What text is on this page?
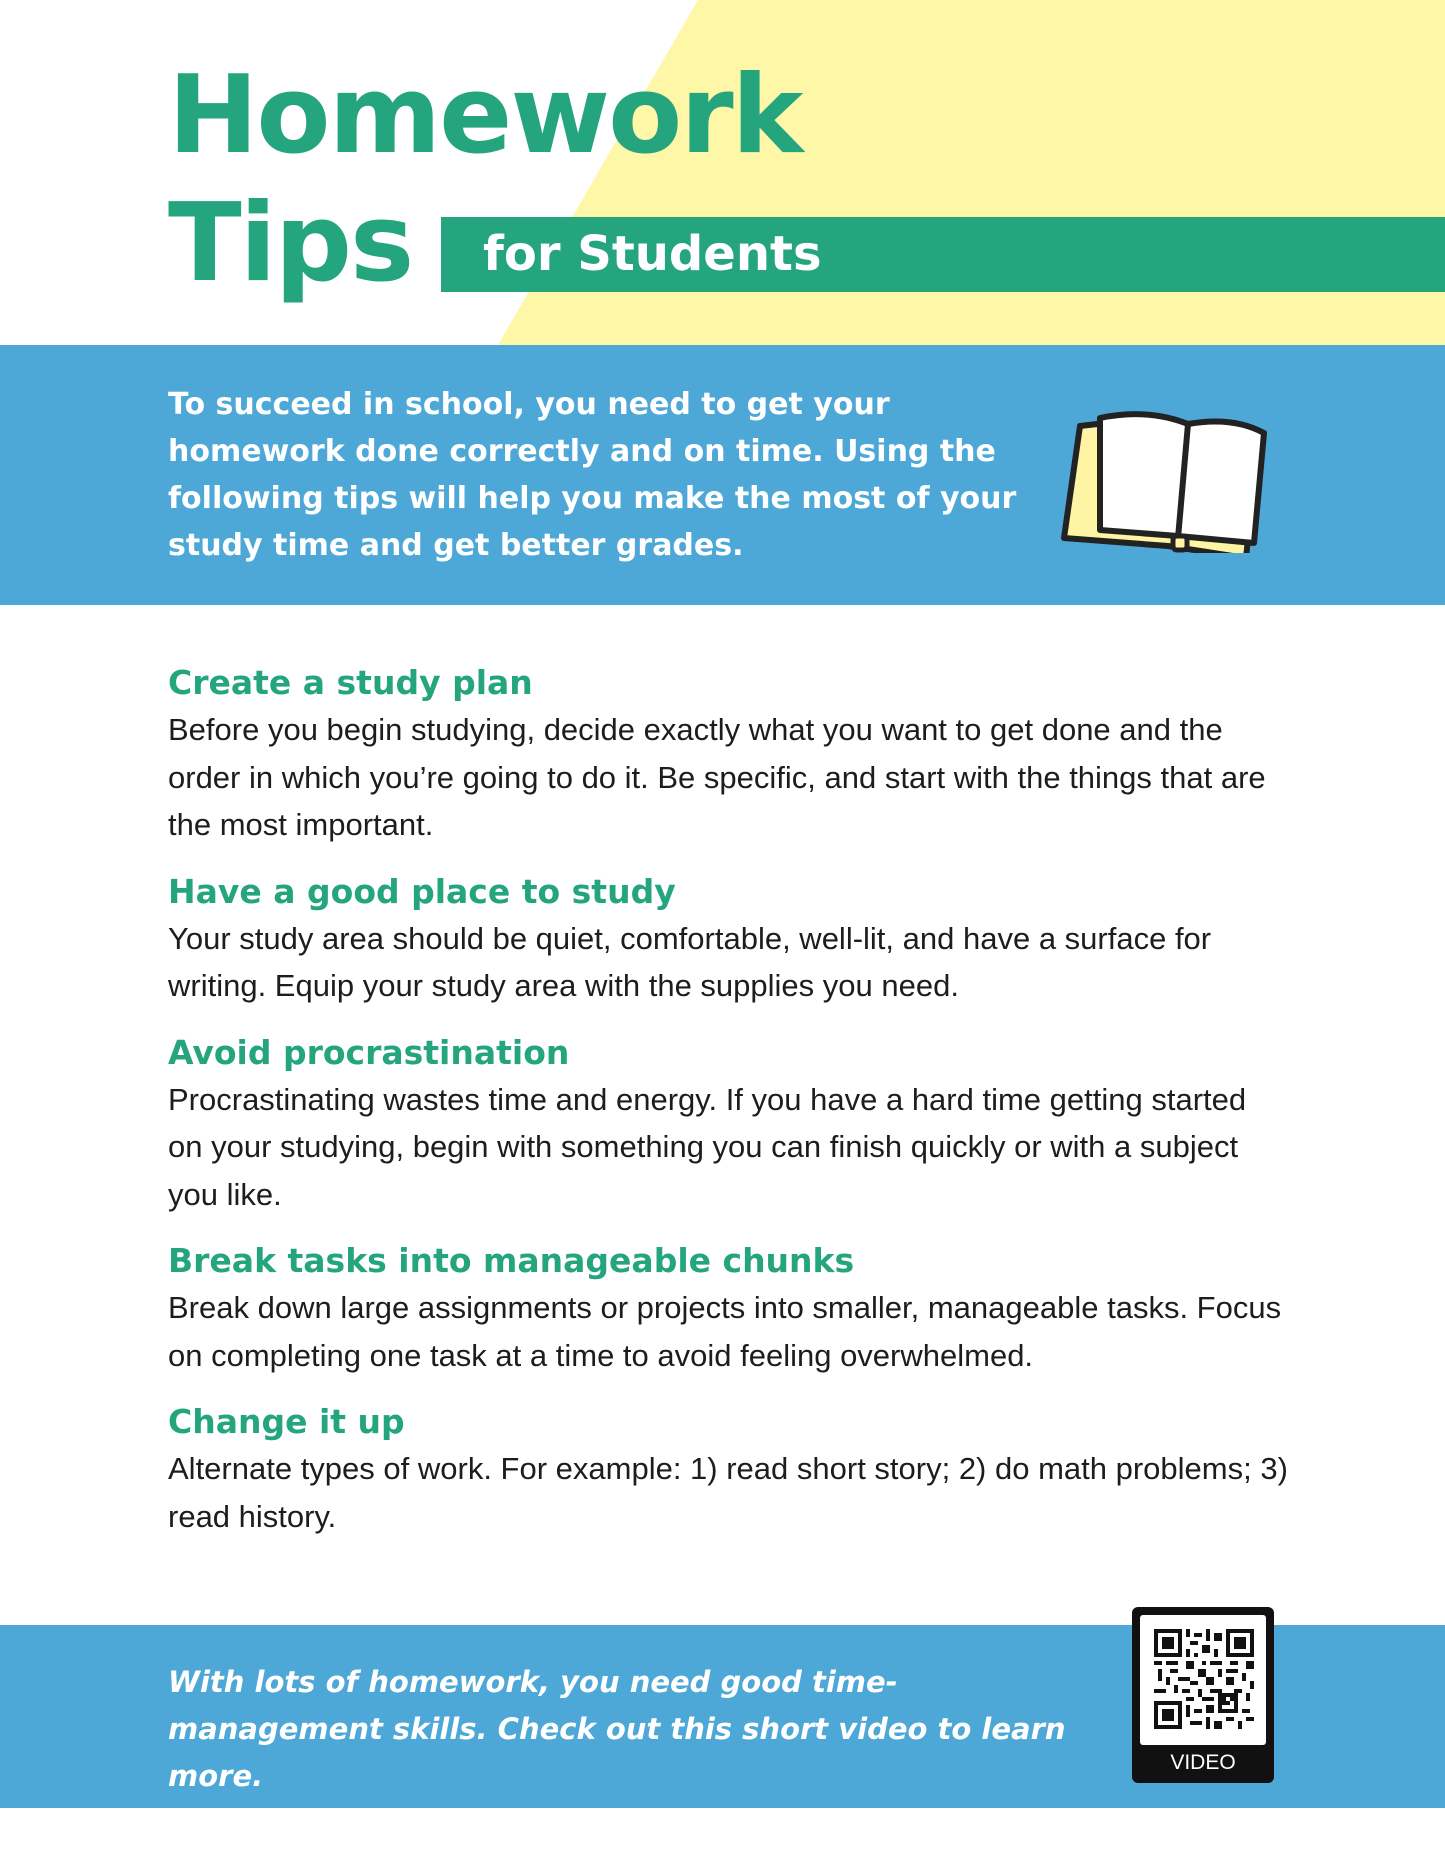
Homework
Tips for Students
To succeed in school, you need to get your homework done correctly and on time. Using the following tips will help you make the most of your study time and get better grades.
Create a study plan
Before you begin studying, decide exactly what you want to get done and the order in which you’re going to do it. Be specific, and start with the things that are the most important.
Have a good place to study
Your study area should be quiet, comfortable, well-lit, and have a surface for writing. Equip your study area with the supplies you need.
Avoid procrastination
Procrastinating wastes time and energy. If you have a hard time getting started on your studying, begin with something you can finish quickly or with a subject you like.
Break tasks into manageable chunks
Break down large assignments or projects into smaller, manageable tasks. Focus on completing one task at a time to avoid feeling overwhelmed.
Change it up
Alternate types of work. For example: 1) read short story; 2) do math problems; 3) read history.
With lots of homework, you need good time-management skills. Check out this short video to learn more.	VIDEO
